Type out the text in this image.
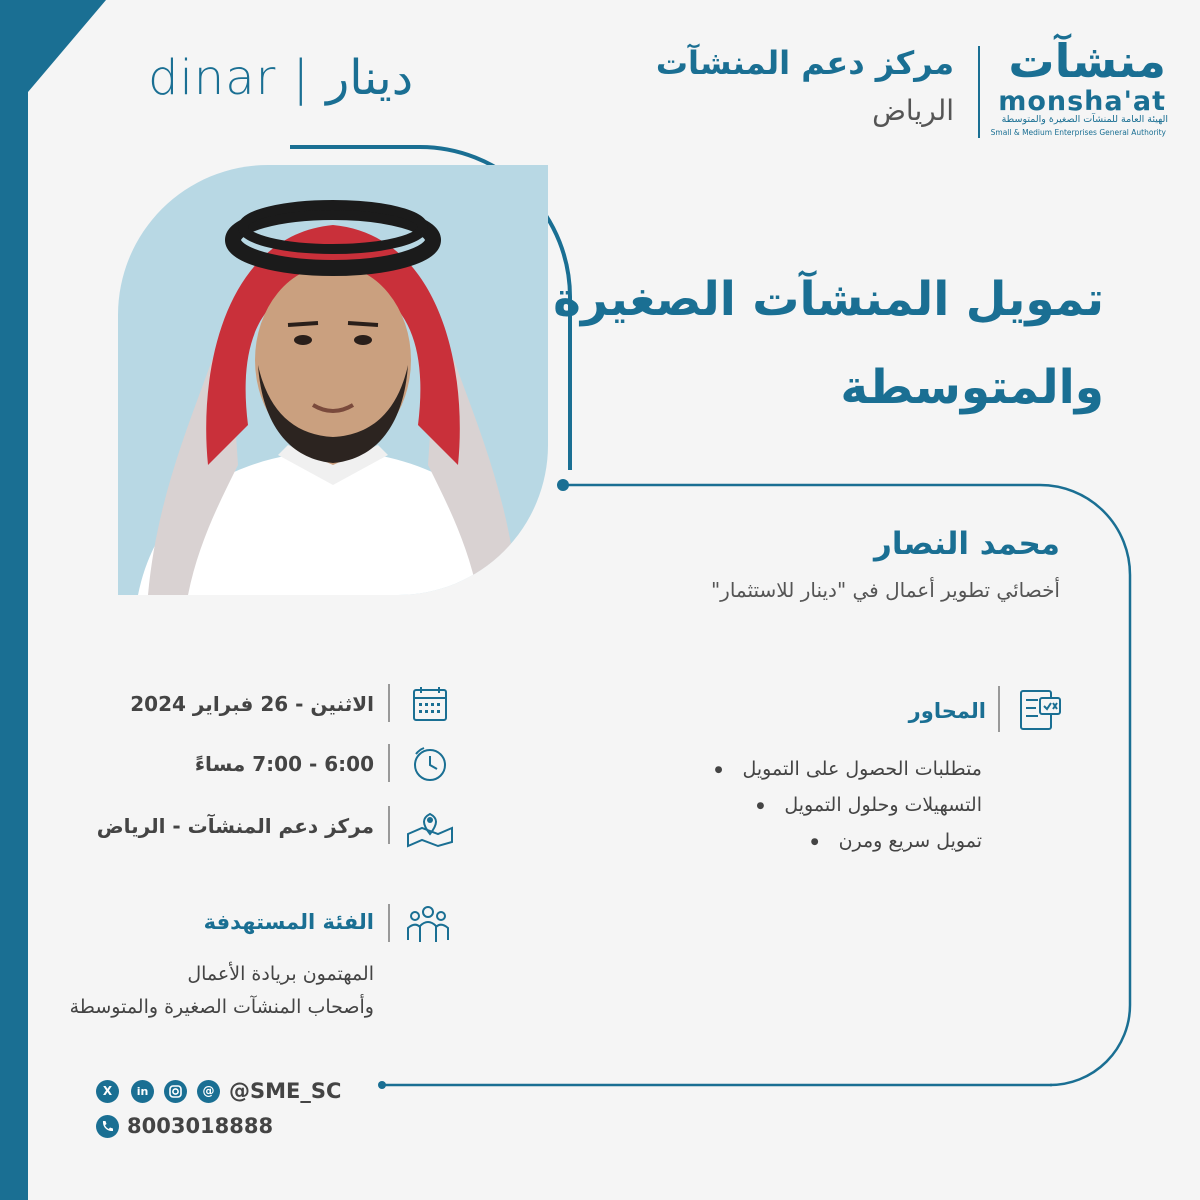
dinar | دينار	مركز دعم المنشآت
الرياض
منشآت
monsha'at
الهيئة العامة للمنشآت الصغيرة والمتوسطة
Small & Medium Enterprises General Authority
تمويل المنشآت الصغيرة والمتوسطة
محمد النصار
أخصائي تطوير أعمال في "دينار للاستثمار"
المحاور
متطلبات الحصول على التمويل ●
التسهيلات وحلول التمويل ●
تمويل سريع ومرن ●
الاثنين - 26 فبراير 2024
6:00 - 7:00 مساءً
مركز دعم المنشآت - الرياض
الفئة المستهدفة
المهتمون بريادة الأعمال
وأصحاب المنشآت الصغيرة والمتوسطة
X	in	@ @SME_SC
8003018888
